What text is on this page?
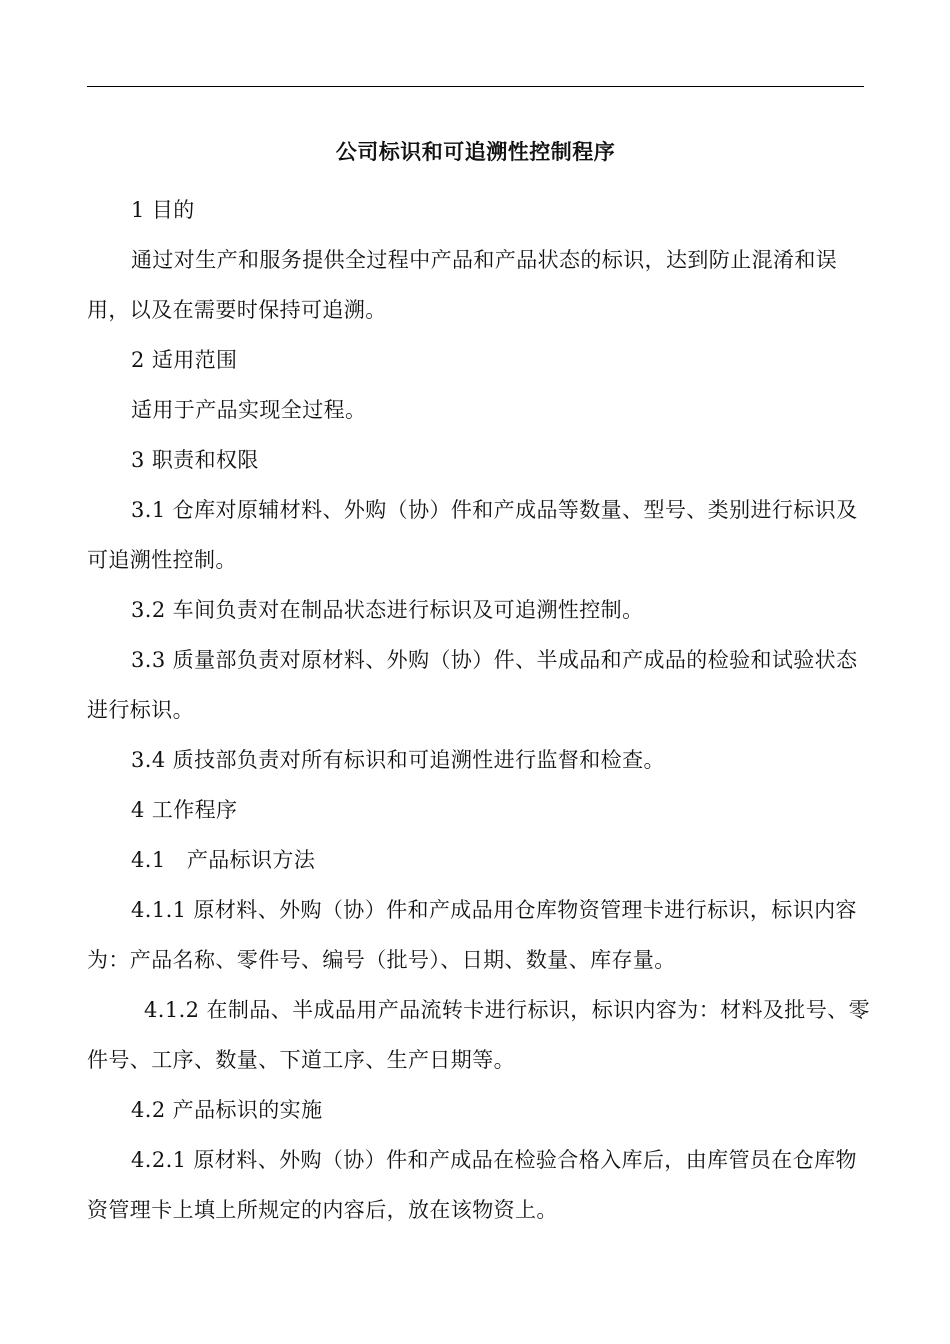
公司标识和可追溯性控制程序

1 目的

通过对生产和服务提供全过程中产品和产品状态的标识，达到防止混淆和误用，以及在需要时保持可追溯。

2 适用范围

适用于产品实现全过程。

3 职责和权限

3.1 仓库对原辅材料、外购（协）件和产成品等数量、型号、类别进行标识及可追溯性控制。

3.2 车间负责对在制品状态进行标识及可追溯性控制。

3.3 质量部负责对原材料、外购（协）件、半成品和产成品的检验和试验状态进行标识。

3.4 质技部负责对所有标识和可追溯性进行监督和检查。

4 工作程序

4.1   产品标识方法

4.1.1 原材料、外购（协）件和产成品用仓库物资管理卡进行标识，标识内容为：产品名称、零件号、编号（批号）、日期、数量、库存量。

4.1.2 在制品、半成品用产品流转卡进行标识，标识内容为：材料及批号、零件号、工序、数量、下道工序、生产日期等。

4.2 产品标识的实施

4.2.1 原材料、外购（协）件和产成品在检验合格入库后，由库管员在仓库物资管理卡上填上所规定的内容后，放在该物资上。
